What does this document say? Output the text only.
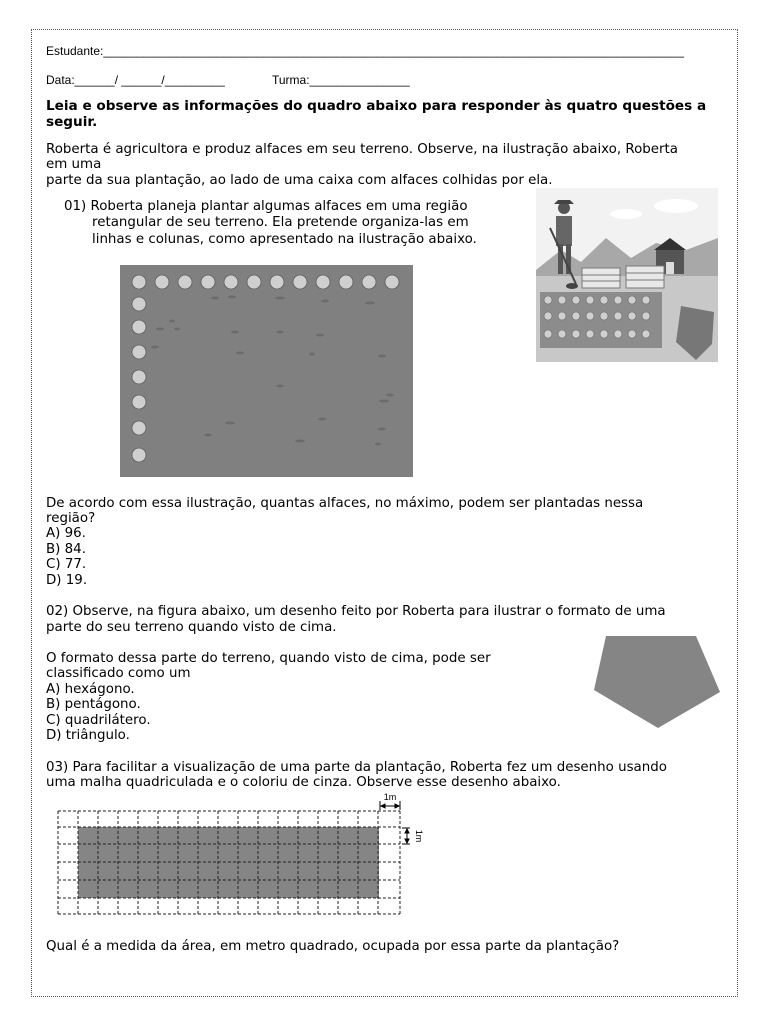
Estudante:_______________________________________________________________________________________
Data:______/ ______/_________	Turma:_______________
Leia e observe as informações do quadro abaixo para responder às quatro questões a seguir.
Roberta é agricultora e produz alfaces em seu terreno. Observe, na ilustração abaixo, Roberta
em uma
parte da sua plantação, ao lado de uma caixa com alfaces colhidas por ela.
01) Roberta planeja plantar algumas alfaces em uma região
retangular de seu terreno. Ela pretende organiza-las em
linhas e colunas, como apresentado na ilustração abaixo.
De acordo com essa ilustração, quantas alfaces, no máximo, podem ser plantadas nessa
região?
A) 96.
B) 84.
C) 77.
D) 19.
02) Observe, na figura abaixo, um desenho feito por Roberta para ilustrar o formato de uma
parte do seu terreno quando visto de cima.
O formato dessa parte do terreno, quando visto de cima, pode ser
classificado como um
A) hexágono.
B) pentágono.
C) quadrilátero.
D) triângulo.
03) Para facilitar a visualização de uma parte da plantação, Roberta fez um desenho usando
uma malha quadriculada e o coloriu de cinza. Observe esse desenho abaixo.
1m
1m
Qual é a medida da área, em metro quadrado, ocupada por essa parte da plantação?
